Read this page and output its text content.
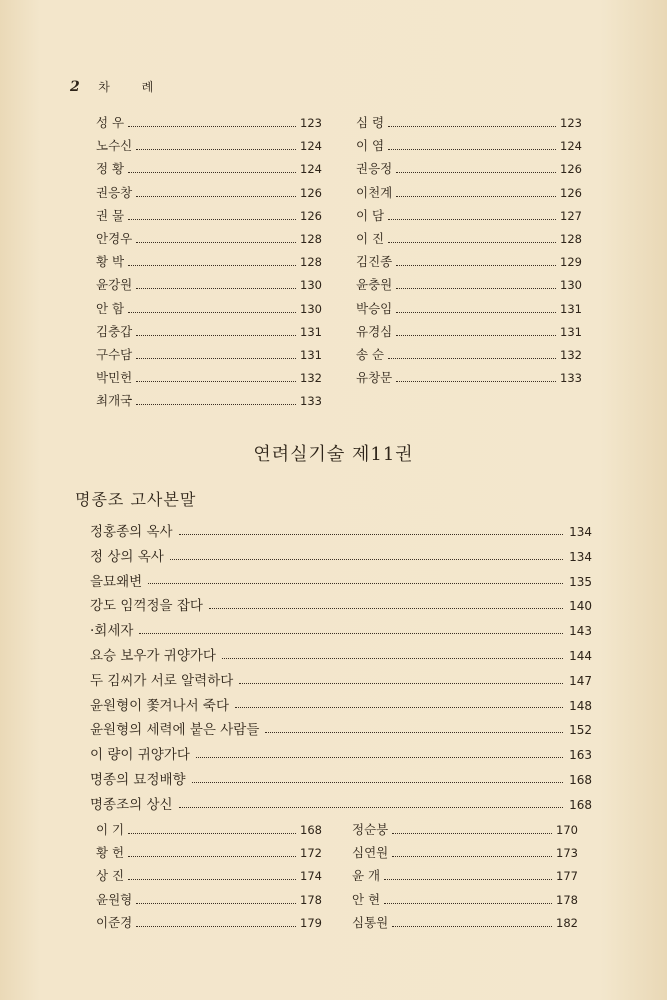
2 차 례
성 우	123
노수신	124
정 황	124
권응창	126
권 물	126
안경우	128
황 박	128
윤강원	130
안 함	130
김충갑	131
구수담	131
박민헌	132
최개국	133
심 령	123
이 염	124
권응정	126
이천계	126
이 담	127
이 진	128
김진종	129
윤충원	130
박승임	131
유경심	131
송 순	132
유창문	133
연려실기술 제11권
명종조 고사본말
정홍종의 옥사	134
정 상의 옥사	134
을묘왜변	135
강도 임꺽정을 잡다	140
·회세자	143
요승 보우가 귀양가다	144
두 김씨가 서로 알력하다	147
윤원형이 쫓겨나서 죽다	148
윤원형의 세력에 붙은 사람들	152
이 량이 귀양가다	163
명종의 묘정배향	168
명종조의 상신	168
이 기	168
황 헌	172
상 진	174
윤원형	178
이준경	179
정순붕	170
심연원	173
윤 개	177
안 현	178
심통원	182
